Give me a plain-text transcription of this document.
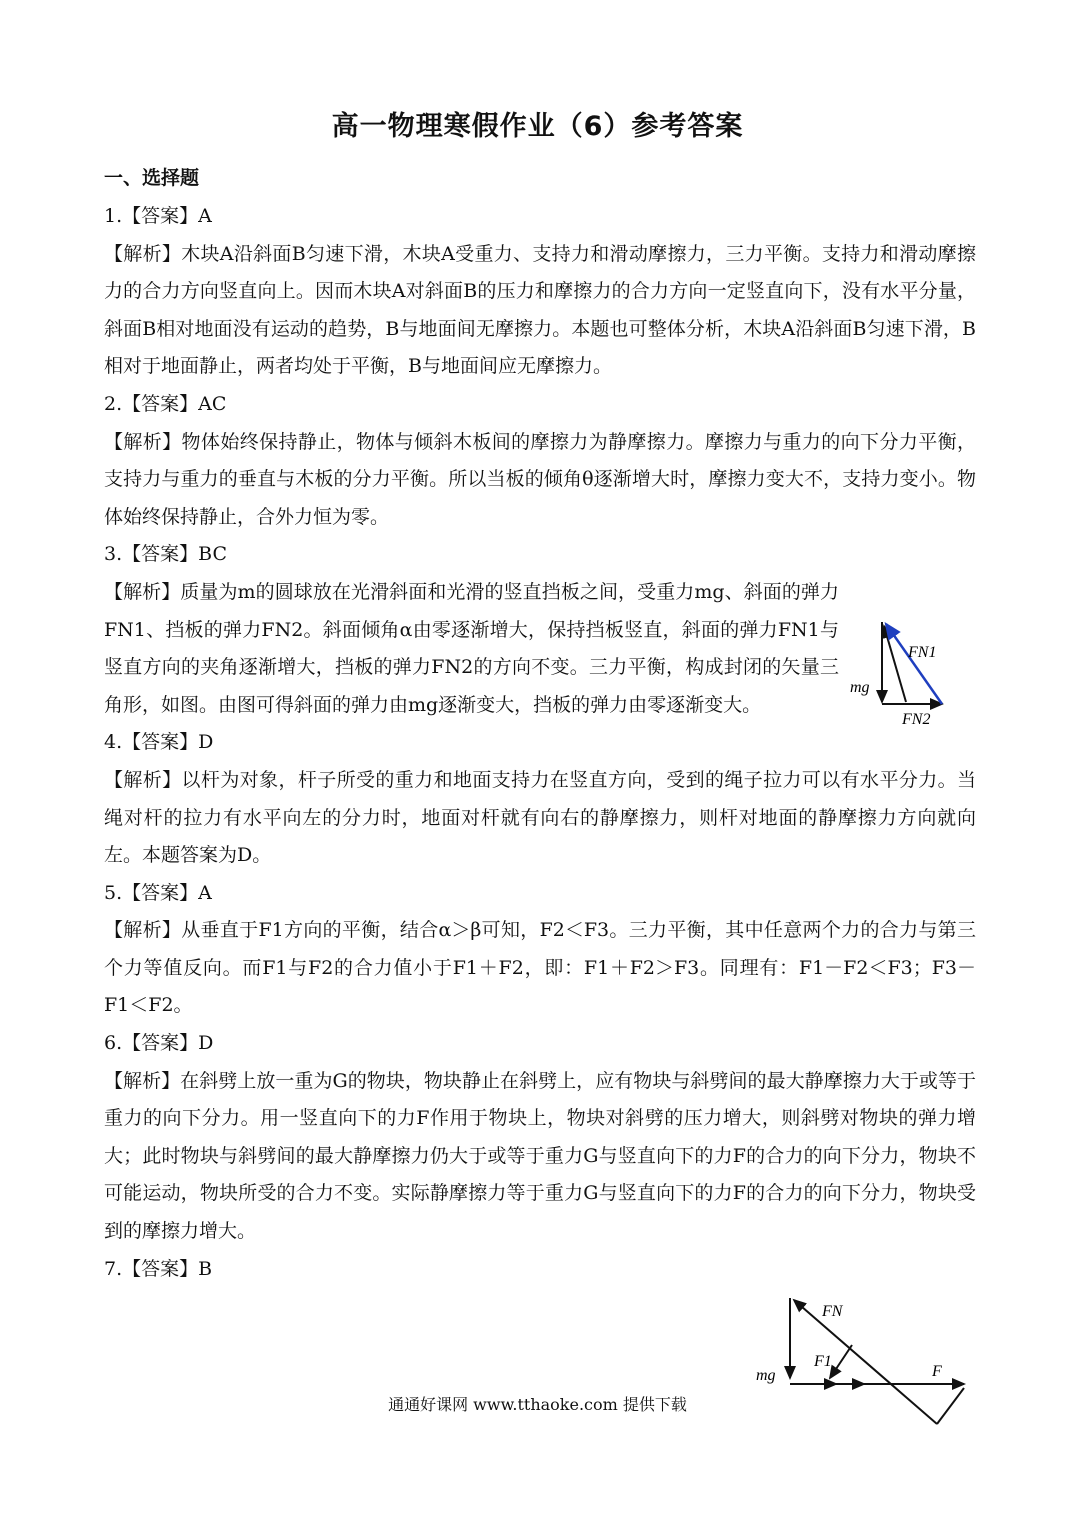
高一物理寒假作业（6）参考答案
一、选择题
1.【答案】A
【解析】木块A沿斜面B匀速下滑，木块A受重力、支持力和滑动摩擦力，三力平衡。支持力和滑动摩擦力的合力方向竖直向上。因而木块A对斜面B的压力和摩擦力的合力方向一定竖直向下，没有水平分量，斜面B相对地面没有运动的趋势，B与地面间无摩擦力。本题也可整体分析，木块A沿斜面B匀速下滑，B相对于地面静止，两者均处于平衡，B与地面间应无摩擦力。
2.【答案】AC
【解析】物体始终保持静止，物体与倾斜木板间的摩擦力为静摩擦力。摩擦力与重力的向下分力平衡，支持力与重力的垂直与木板的分力平衡。所以当板的倾角θ逐渐增大时，摩擦力变大不，支持力变小。物体始终保持静止，合外力恒为零。
3.【答案】BC
【解析】质量为m的圆球放在光滑斜面和光滑的竖直挡板之间，受重力mg、斜面的弹力FN1、挡板的弹力FN2。斜面倾角α由零逐渐增大，保持挡板竖直，斜面的弹力FN1与竖直方向的夹角逐渐增大，挡板的弹力FN2的方向不变。三力平衡，构成封闭的矢量三角形，如图。由图可得斜面的弹力由mg逐渐变大，挡板的弹力由零逐渐变大。
4.【答案】D
【解析】以杆为对象，杆子所受的重力和地面支持力在竖直方向，受到的绳子拉力可以有水平分力。当绳对杆的拉力有水平向左的分力时，地面对杆就有向右的静摩擦力，则杆对地面的静摩擦力方向就向左。本题答案为D。
5.【答案】A
【解析】从垂直于F1方向的平衡，结合α＞β可知，F2＜F3。三力平衡，其中任意两个力的合力与第三个力等值反向。而F1与F2的合力值小于F1＋F2，即：F1＋F2＞F3。同理有：F1－F2＜F3；F3－F1＜F2。
6.【答案】D
【解析】在斜劈上放一重为G的物块，物块静止在斜劈上，应有物块与斜劈间的最大静摩擦力大于或等于重力的向下分力。用一竖直向下的力F作用于物块上，物块对斜劈的压力增大，则斜劈对物块的弹力增大；此时物块与斜劈间的最大静摩擦力仍大于或等于重力G与竖直向下的力F的合力的向下分力，物块不可能运动，物块所受的合力不变。实际静摩擦力等于重力G与竖直向下的力F的合力的向下分力，物块受到的摩擦力增大。
7.【答案】B
FN1
mg
FN2
FN
F1
mg	F
通通好课网 www.tthaoke.com 提供下载
